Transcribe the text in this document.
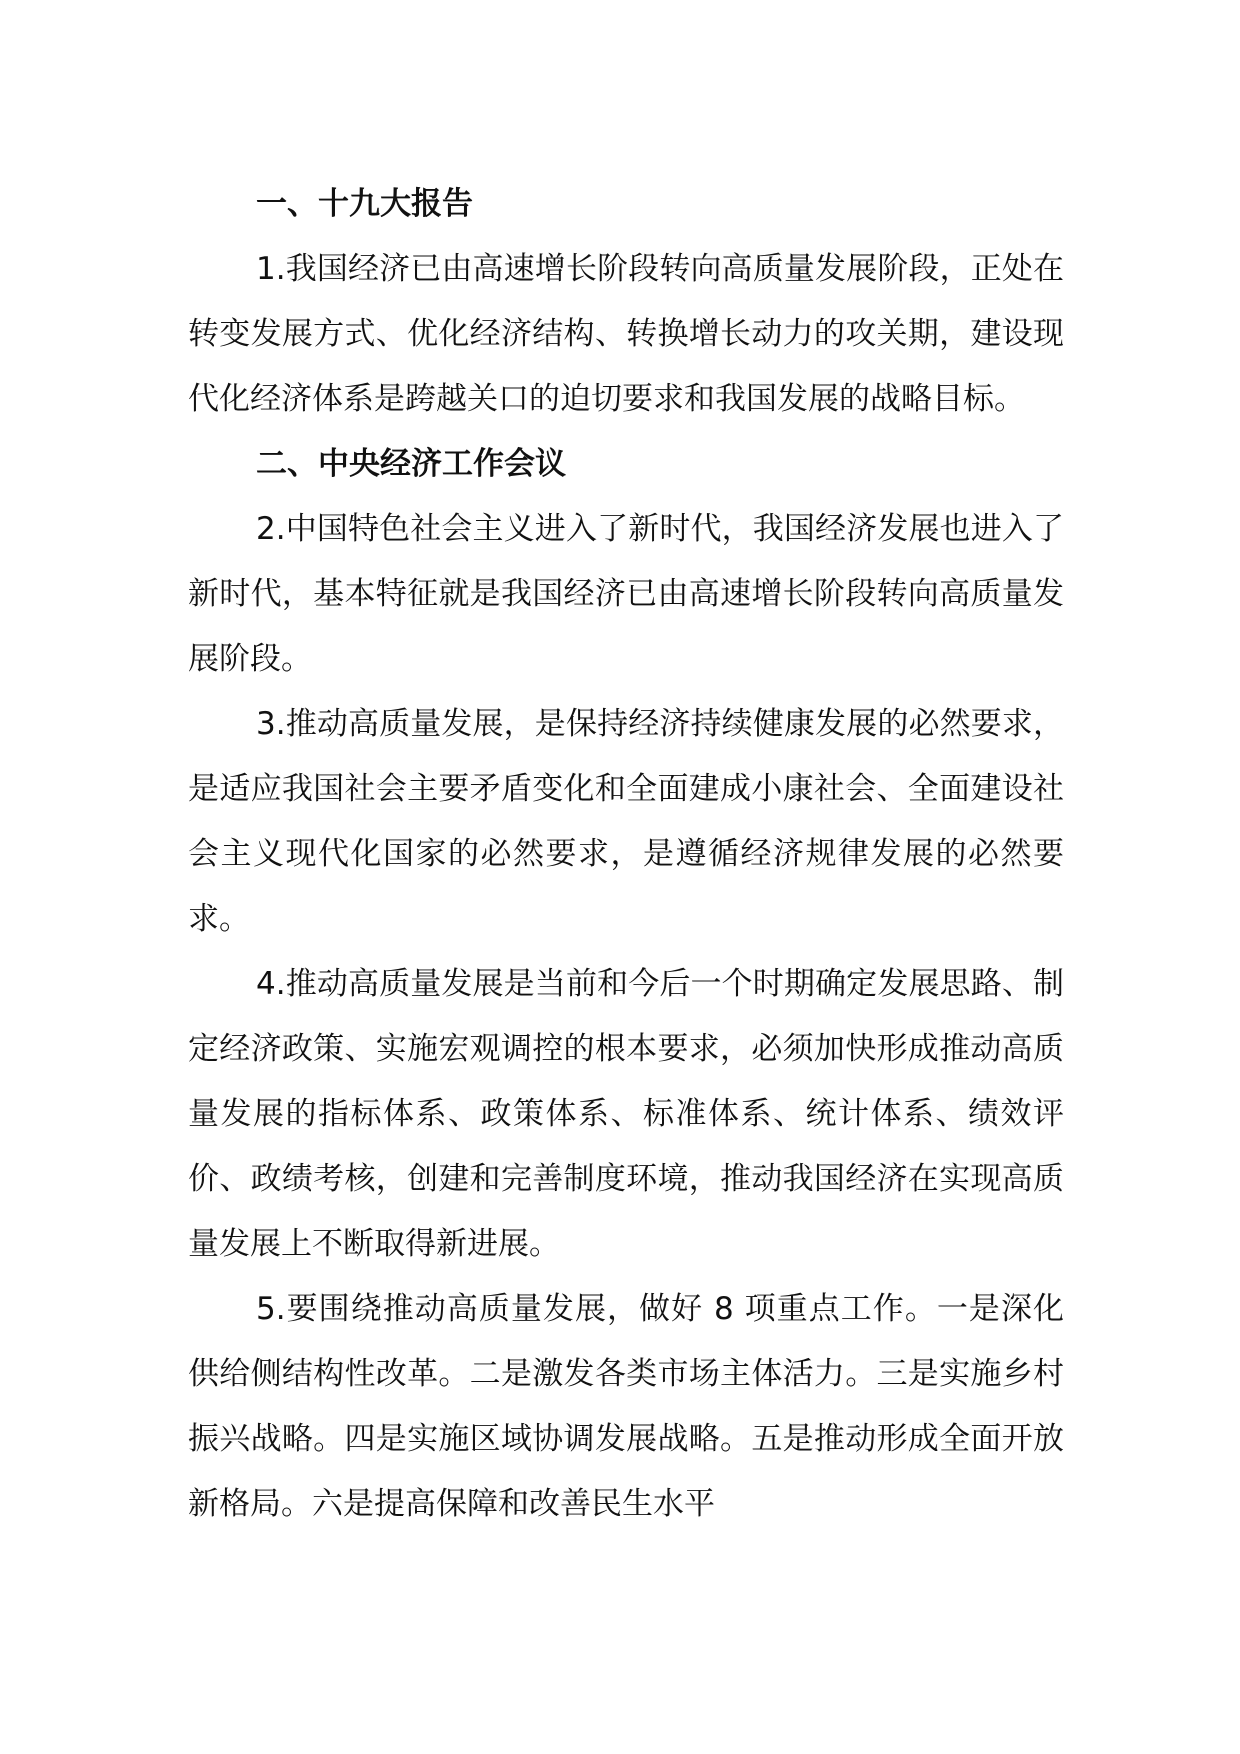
一、十九大报告

1.我国经济已由高速增长阶段转向高质量发展阶段，正处在转变发展方式、优化经济结构、转换增长动力的攻关期，建设现代化经济体系是跨越关口的迫切要求和我国发展的战略目标。

二、中央经济工作会议

2.中国特色社会主义进入了新时代，我国经济发展也进入了新时代，基本特征就是我国经济已由高速增长阶段转向高质量发展阶段。

3.推动高质量发展，是保持经济持续健康发展的必然要求，是适应我国社会主要矛盾变化和全面建成小康社会、全面建设社会主义现代化国家的必然要求，是遵循经济规律发展的必然要求。

4.推动高质量发展是当前和今后一个时期确定发展思路、制定经济政策、实施宏观调控的根本要求，必须加快形成推动高质量发展的指标体系、政策体系、标准体系、统计体系、绩效评价、政绩考核，创建和完善制度环境，推动我国经济在实现高质量发展上不断取得新进展。

5.要围绕推动高质量发展，做好 8 项重点工作。一是深化供给侧结构性改革。二是激发各类市场主体活力。三是实施乡村振兴战略。四是实施区域协调发展战略。五是推动形成全面开放新格局。六是提高保障和改善民生水平
